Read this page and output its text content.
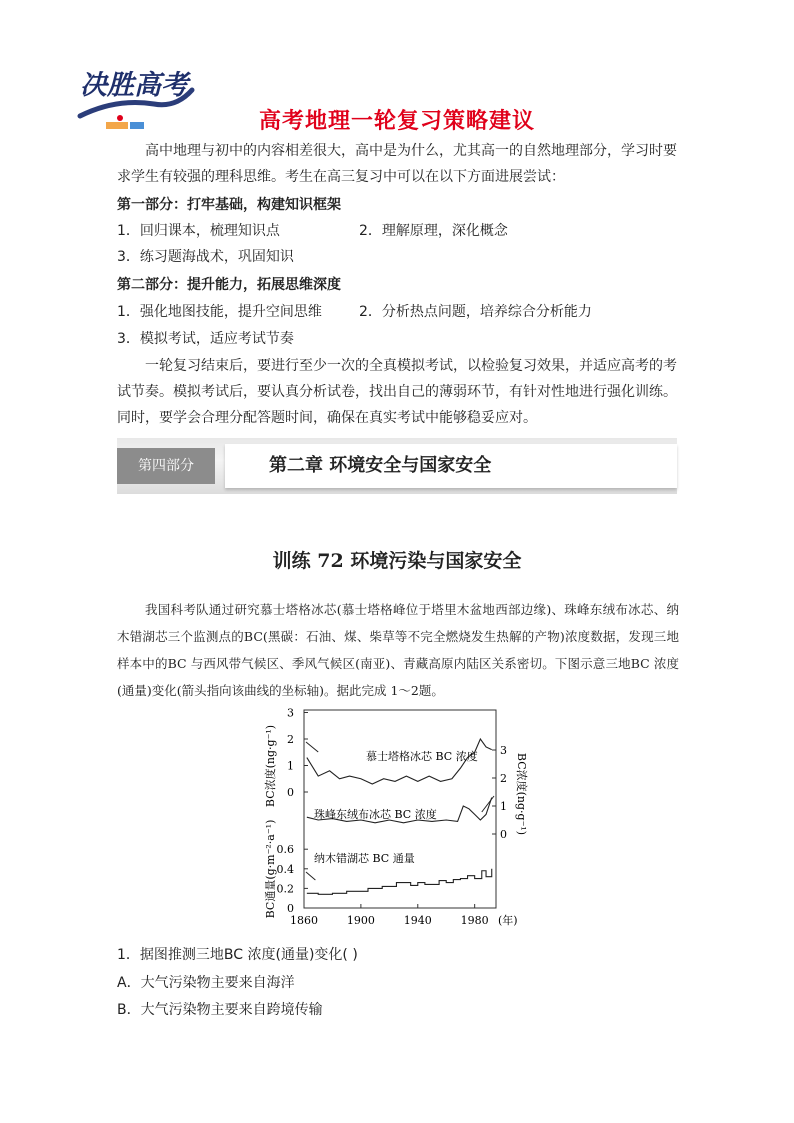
决胜高考
高考地理一轮复习策略建议
高中地理与初中的内容相差很大，高中是为什么，尤其高一的自然地理部分，学习时要求学生有较强的理科思维。考生在高三复习中可以在以下方面进展尝试：
第一部分：打牢基础，构建知识框架
1．回归课本，梳理知识点	2．理解原理，深化概念
3．练习题海战术，巩固知识
第二部分：提升能力，拓展思维深度
1．强化地图技能，提升空间思维	2．分析热点问题，培养综合分析能力
3．模拟考试，适应考试节奏
一轮复习结束后，要进行至少一次的全真模拟考试，以检验复习效果，并适应高考的考试节奏。模拟考试后，要认真分析试卷，找出自己的薄弱环节，有针对性地进行强化训练。同时，要学会合理分配答题时间，确保在真实考试中能够稳妥应对。
第四部分	第二章 环境安全与国家安全
训练 72 环境污染与国家安全
我国科考队通过研究慕士塔格冰芯(慕士塔格峰位于塔里木盆地西部边缘)、珠峰东绒布冰芯、纳木错湖芯三个监测点的BC(黑碳：石油、煤、柴草等不完全燃烧发生热解的产物)浓度数据，发现三地样本中的BC 与西风带气候区、季风气候区(南亚)、青藏高原内陆区关系密切。下图示意三地BC 浓度(通量)变化(箭头指向该曲线的坐标轴)。据此完成 1～2题。
3
2
1
0
0.6
0.4
0.2
0
3
2
1
0
1860	1900	1940	1980 (年)
BC浓度(ng·g⁻¹)
BC通量(g·m⁻²·a⁻¹)
BC浓度(ng·g⁻¹)
慕士塔格冰芯 BC 浓度
珠峰东绒布冰芯 BC 浓度
纳木错湖芯 BC 通量
1．据图推测三地BC 浓度(通量)变化( )
A．大气污染物主要来自海洋
B．大气污染物主要来自跨境传输
